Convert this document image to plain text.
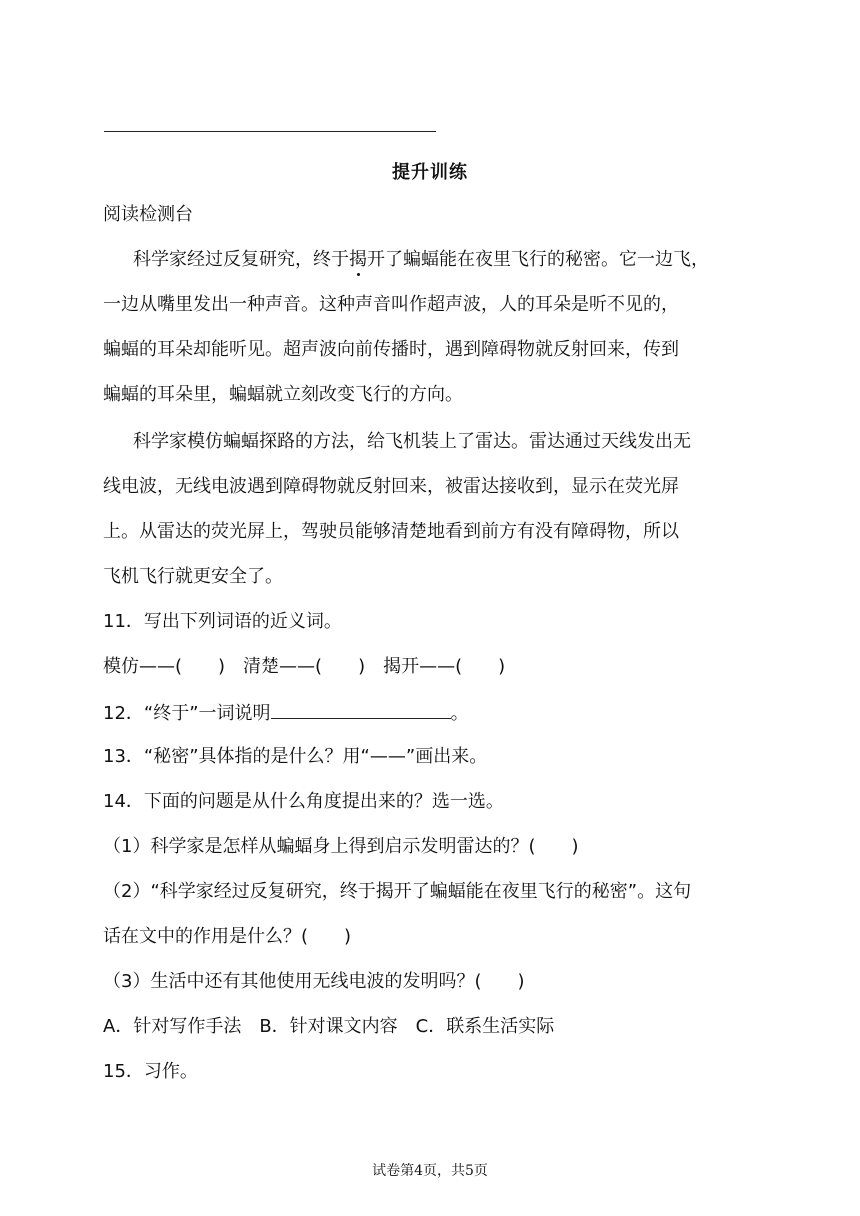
提升训练
阅读检测台
科学家经过反复研究，终于揭开了蝙蝠能在夜里飞行的秘密。它一边飞，
一边从嘴里发出一种声音。这种声音叫作超声波，人的耳朵是听不见的，
蝙蝠的耳朵却能听见。超声波向前传播时，遇到障碍物就反射回来，传到
蝙蝠的耳朵里，蝙蝠就立刻改变飞行的方向。
科学家模仿蝙蝠探路的方法，给飞机装上了雷达。雷达通过天线发出无
线电波，无线电波遇到障碍物就反射回来，被雷达接收到，显示在荧光屏
上。从雷达的荧光屏上，驾驶员能够清楚地看到前方有没有障碍物，所以
飞机飞行就更安全了。
11．写出下列词语的近义词。
模仿——(　　)　清楚——(　　)　揭开——(　　)
12．“终于”一词说明	。
13．“秘密”具体指的是什么？用“——”画出来。
14．下面的问题是从什么角度提出来的？选一选。
（1）科学家是怎样从蝙蝠身上得到启示发明雷达的？(　　)
（2）“科学家经过反复研究，终于揭开了蝙蝠能在夜里飞行的秘密”。这句
话在文中的作用是什么？(　　)
（3）生活中还有其他使用无线电波的发明吗？(　　)
A．针对写作手法　B．针对课文内容　C．联系生活实际
15．习作。
试卷第4页，共5页
